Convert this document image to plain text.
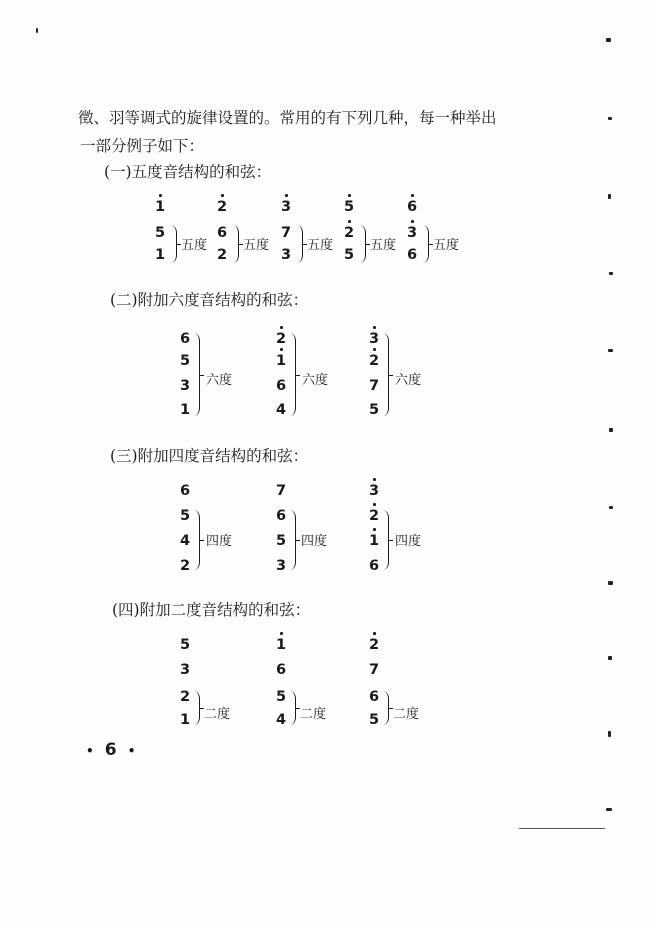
徵、羽等调式的旋律设置的。常用的有下列几种，每一种举出
一部分例子如下：
(一)五度音结构的和弦：
1
5
1
五度
2
6
2
五度
3
7
3
五度
5
2
5
五度
6
3
6
五度
(二)附加六度音结构的和弦：
6
5
3
1
六度
2
1
6
4
六度
3
2
7
5
六度
(三)附加四度音结构的和弦：
6
5
4
2
四度
7
6
5
3
四度
3
2
1
6
四度
(四)附加二度音结构的和弦：
5
3
2
1 二度
1
6
5
4 二度
2
7
6
5 二度
• 6 •
